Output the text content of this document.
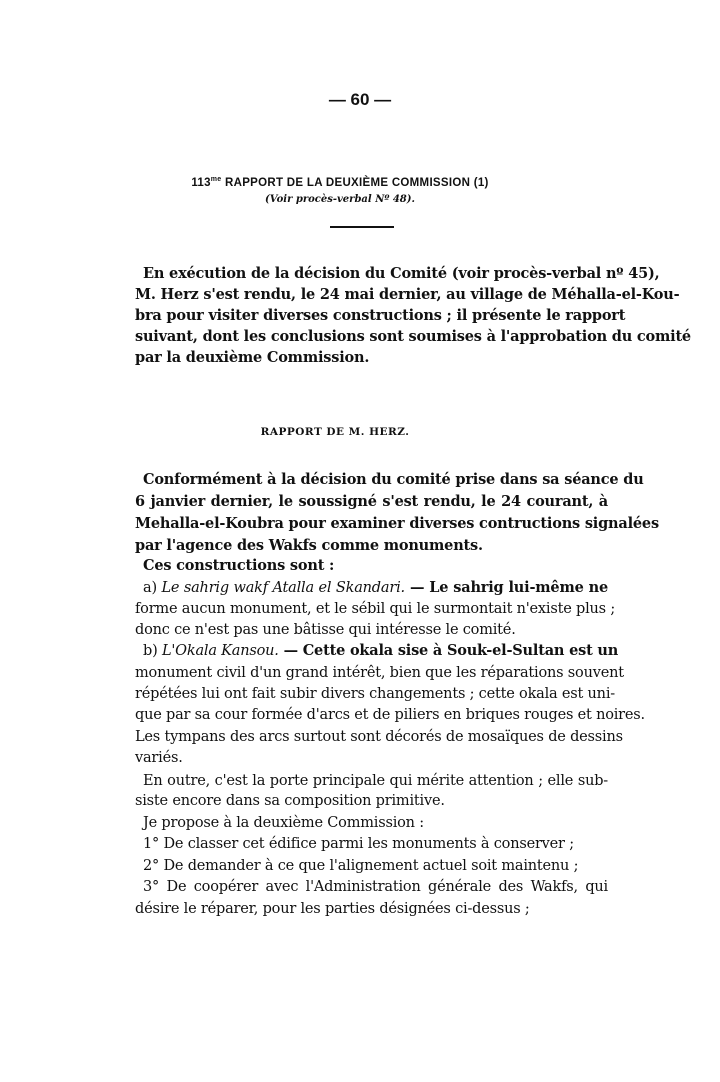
— 60 —
$113^{me}$ RAPPORT DE LA DEUXIÈME COMMISSION (1)
(Voir procès-verbal Nº 48).
En exécution de la décision du Comité (voir procès-verbal nº 45),
M. Herz s'est rendu, le 24 mai dernier, au village de Méhalla-el-Kou-
bra pour visiter diverses constructions ; il présente le rapport
suivant, dont les conclusions sont soumises à l'approbation du comité
par la deuxième Commission.
RAPPORT DE M. HERZ.
Conformément à la décision du comité prise dans sa séance du
6 janvier dernier, le soussigné s'est rendu, le 24 courant, à
Mehalla-el-Koubra pour examiner diverses contructions signalées
par l'agence des Wakfs comme monuments.
Ces constructions sont :
a) Le sahrig wakf Atalla el Skandari. — Le sahrig lui-même ne
forme aucun monument, et le sébil qui le surmontait n'existe plus ;
donc ce n'est pas une bâtisse qui intéresse le comité.
b) L'Okala Kansou. — Cette okala sise à Souk-el-Sultan est un
monument civil d'un grand intérêt, bien que les réparations souvent
répétées lui ont fait subir divers changements ; cette okala est uni-
que par sa cour formée d'arcs et de piliers en briques rouges et noires.
Les tympans des arcs surtout sont décorés de mosaïques de dessins
variés.
En outre, c'est la porte principale qui mérite attention ; elle sub-
siste encore dans sa composition primitive.
Je propose à la deuxième Commission :
1° De classer cet édifice parmi les monuments à conserver ;
2° De demander à ce que l'alignement actuel soit maintenu ;
3° De coopérer avec l'Administration générale des Wakfs, qui
désire le réparer, pour les parties désignées ci-dessus ;
